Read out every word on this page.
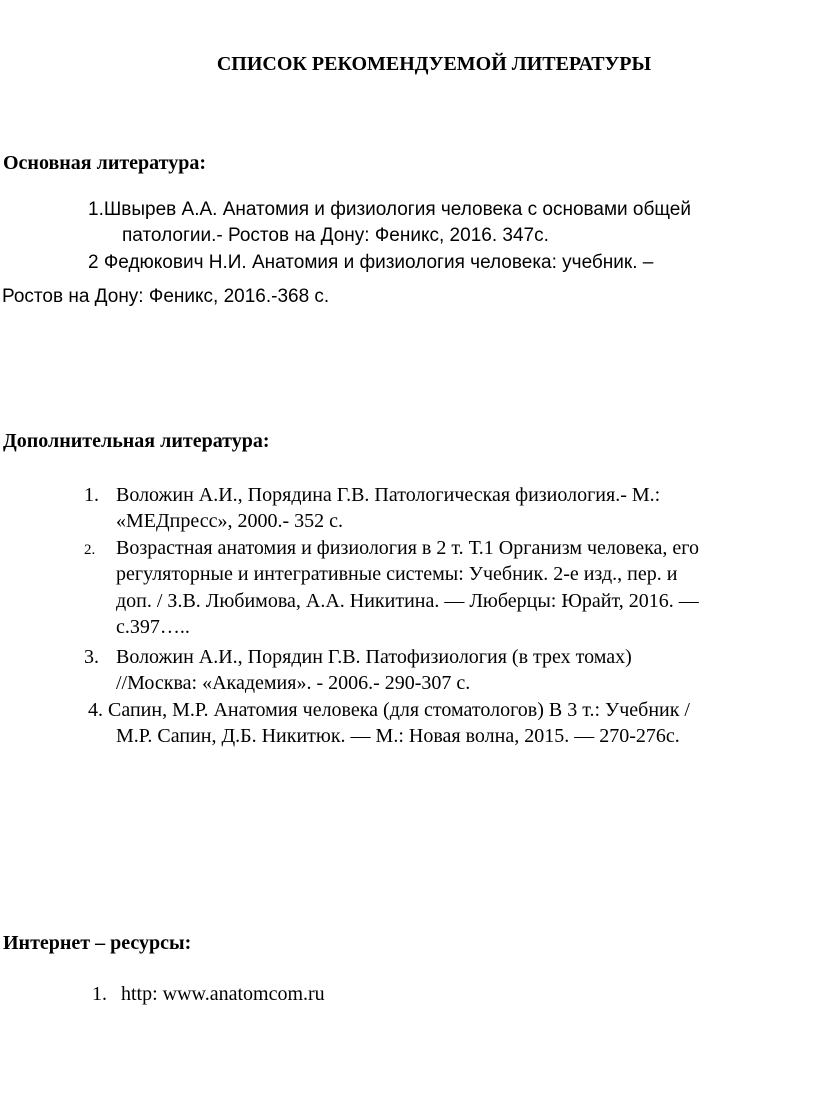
СПИСОК РЕКОМЕНДУЕМОЙ ЛИТЕРАТУРЫ
Основная литература:
1.Швырев А.А. Анатомия и физиология человека с основами общей
патологии.- Ростов на Дону: Феникс, 2016. 347с.
2 Федюкович Н.И. Анатомия и физиология человека: учебник. –
Ростов на Дону: Феникс, 2016.-368 с.
Дополнительная литература:
1. Воложин А.И., Порядина Г.В. Патологическая физиология.- М.:
«МЕДпресс», 2000.- 352 с.
2. Возрастная анатомия и физиология в 2 т. Т.1 Организм человека, его
регуляторные и интегративные системы: Учебник. 2-е изд., пер. и
доп. / З.В. Любимова, А.А. Никитина. — Люберцы: Юрайт, 2016. —
с.397…..
3. Воложин А.И., Порядин Г.В. Патофизиология (в трех томах)
//Москва: «Академия». - 2006.- 290-307 с.
4. Сапин, М.Р. Анатомия человека (для стоматологов) В 3 т.: Учебник /
М.Р. Сапин, Д.Б. Никитюк. — М.: Новая волна, 2015. — 270-276с.
Интернет – ресурсы:
1. http: www.anatomcom.ru
